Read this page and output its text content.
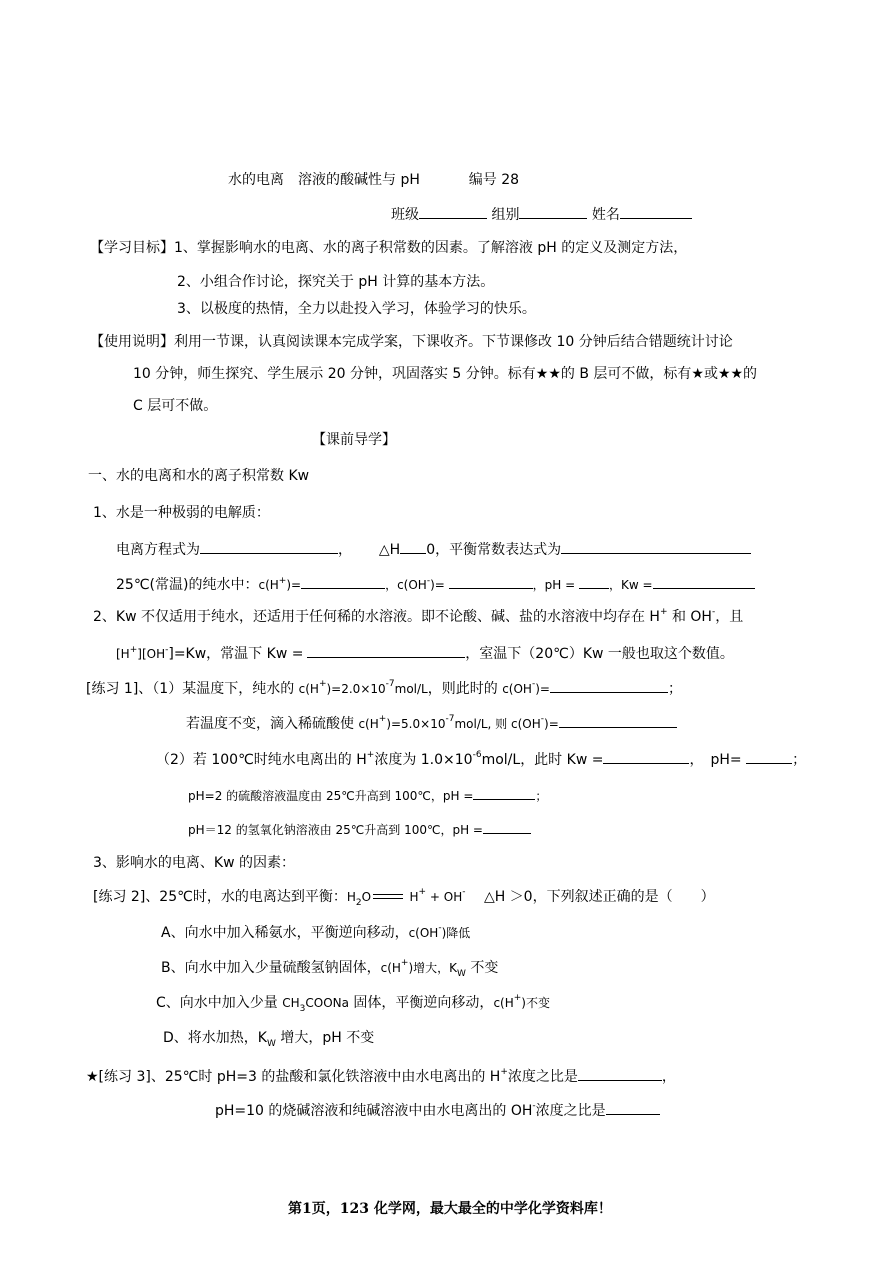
水的电离　溶液的酸碱性与 pH	编号 28
班级	组别	姓名
【学习目标】1、掌握影响水的电离、水的离子积常数的因素。了解溶液 pH 的定义及测定方法，
2、小组合作讨论，探究关于 pH 计算的基本方法。
3、以极度的热情，全力以赴投入学习，体验学习的快乐。
【使用说明】利用一节课，认真阅读课本完成学案，下课收齐。下节课修改 10 分钟后结合错题统计讨论
10 分钟，师生探究、学生展示 20 分钟，巩固落实 5 分钟。标有★★的 B 层可不做，标有★或★★的
C 层可不做。
【课前导学】
一、水的电离和水的离子积常数 Kw
1、水是一种极弱的电解质：
电离方程式为	，  △H 0，平衡常数表达式为
25℃(常温)的纯水中：c(H+)=	，c(OH-)=	，pH =	，Kw =
2、Kw 不仅适用于纯水，还适用于任何稀的水溶液。即不论酸、碱、盐的水溶液中均存在 H+ 和 OH-，且
[H+][OH-]=Kw，常温下 Kw =	，室温下（20℃）Kw 一般也取这个数值。
[练习 1]、（1）某温度下，纯水的 $c(H^+)=2.0\times 10^{-7}mol/L$，则此时的 c(OH-)=	；
若温度不变，滴入稀硫酸使 $c(H^+)=5.0\times 10^{-7}mol/L$, 则 c(OH-)=
（2）若 100℃时纯水电离出的 H+浓度为 $1.0\times 10^{-6}mol/L$，此时 Kw =	，　pH=	；
pH=2 的硫酸溶液温度由 25℃升高到 100℃，pH =	；
pH＝12 的氢氧化钠溶液由 25℃升高到 100℃，pH =
3、影响水的电离、Kw 的因素：
[练习 2]、25℃时，水的电离达到平衡：$H_2O$	H+ + OH- △H ＞0，下列叙述正确的是（　　）
A、向水中加入稀氨水，平衡逆向移动，c(OH-)降低
B、向水中加入少量硫酸氢钠固体，c(H+)增大，$K_W$ 不变
C、向水中加入少量 $CH_3COONa$ 固体，平衡逆向移动，c(H+)不变
D、将水加热，$K_W$ 增大，pH 不变
★[练习 3]、25℃时 pH=3 的盐酸和氯化铁溶液中由水电离出的 H+浓度之比是	，
pH=10 的烧碱溶液和纯碱溶液中由水电离出的 OH-浓度之比是
第1页，123 化学网，最大最全的中学化学资料库！
